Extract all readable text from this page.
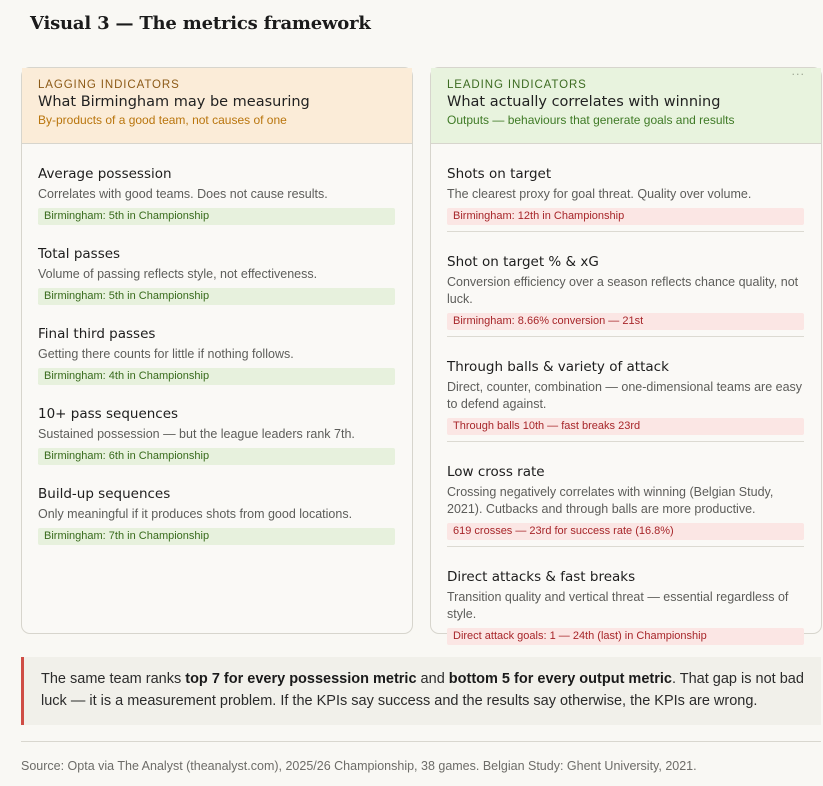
Visual 3 — The metrics framework
LAGGING INDICATORS
What Birmingham may be measuring
By-products of a good team, not causes of one
Average possession
Correlates with good teams. Does not cause results.
Birmingham: 5th in Championship
Total passes
Volume of passing reflects style, not effectiveness.
Birmingham: 5th in Championship
Final third passes
Getting there counts for little if nothing follows.
Birmingham: 4th in Championship
10+ pass sequences
Sustained possession — but the league leaders rank 7th.
Birmingham: 6th in Championship
Build-up sequences
Only meaningful if it produces shots from good locations.
Birmingham: 7th in Championship
···
LEADING INDICATORS
What actually correlates with winning
Outputs — behaviours that generate goals and results
Shots on target
The clearest proxy for goal threat. Quality over volume.
Birmingham: 12th in Championship
Shot on target % & xG
Conversion efficiency over a season reflects chance quality, not luck.
Birmingham: 8.66% conversion — 21st
Through balls & variety of attack
Direct, counter, combination — one-dimensional teams are easy to defend against.
Through balls 10th — fast breaks 23rd
Low cross rate
Crossing negatively correlates with winning (Belgian Study, 2021). Cutbacks and through balls are more productive.
619 crosses — 23rd for success rate (16.8%)
Direct attacks & fast breaks
Transition quality and vertical threat — essential regardless of style.
Direct attack goals: 1 — 24th (last) in Championship
The same team ranks top 7 for every possession metric and bottom 5 for every output metric. That gap is not bad luck — it is a measurement problem. If the KPIs say success and the results say otherwise, the KPIs are wrong.
Source: Opta via The Analyst (theanalyst.com), 2025/26 Championship, 38 games. Belgian Study: Ghent University, 2021.
